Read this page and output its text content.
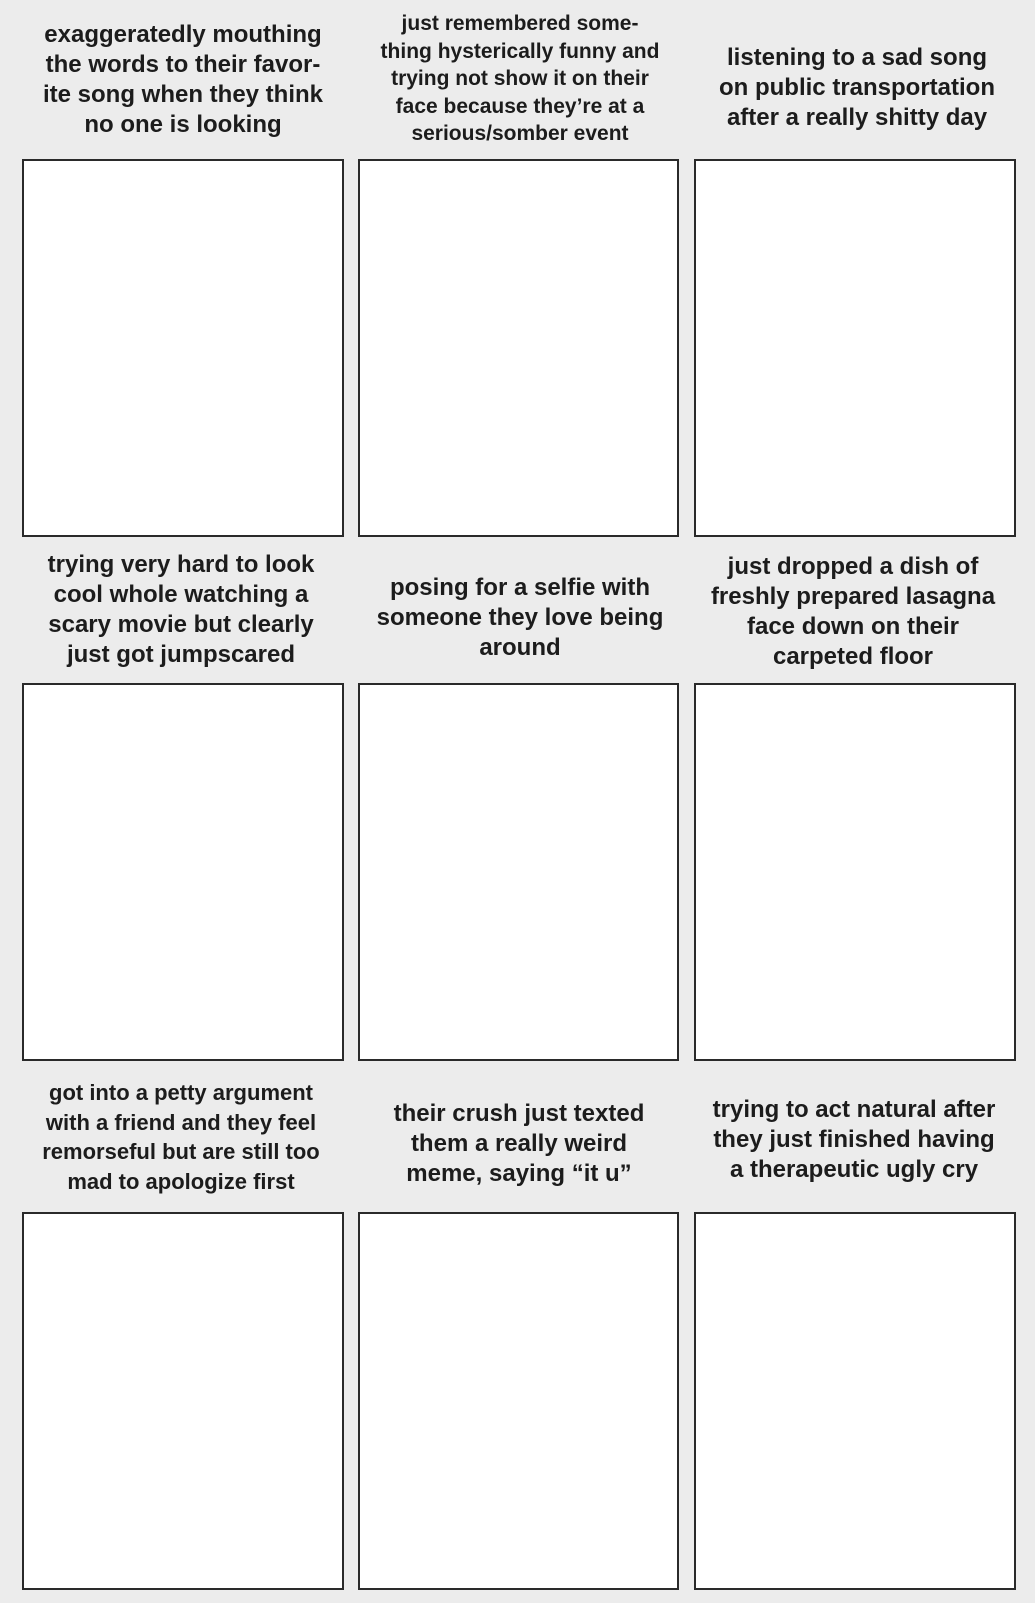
exaggeratedly mouthing
the words to their favor-
ite song when they think
no one is looking
just remembered some-
thing hysterically funny and
trying not show it on their
face because they’re at a
serious/somber event
listening to a sad song
on public transportation
after a really shitty day
trying very hard to look
cool whole watching a
scary movie but clearly
just got jumpscared
posing for a selfie with
someone they love being
around
just dropped a dish of
freshly prepared lasagna
face down on their
carpeted floor
got into a petty argument
with a friend and they feel
remorseful but are still too
mad to apologize first
their crush just texted
them a really weird
meme, saying “it u”
trying to act natural after
they just finished having
a therapeutic ugly cry
